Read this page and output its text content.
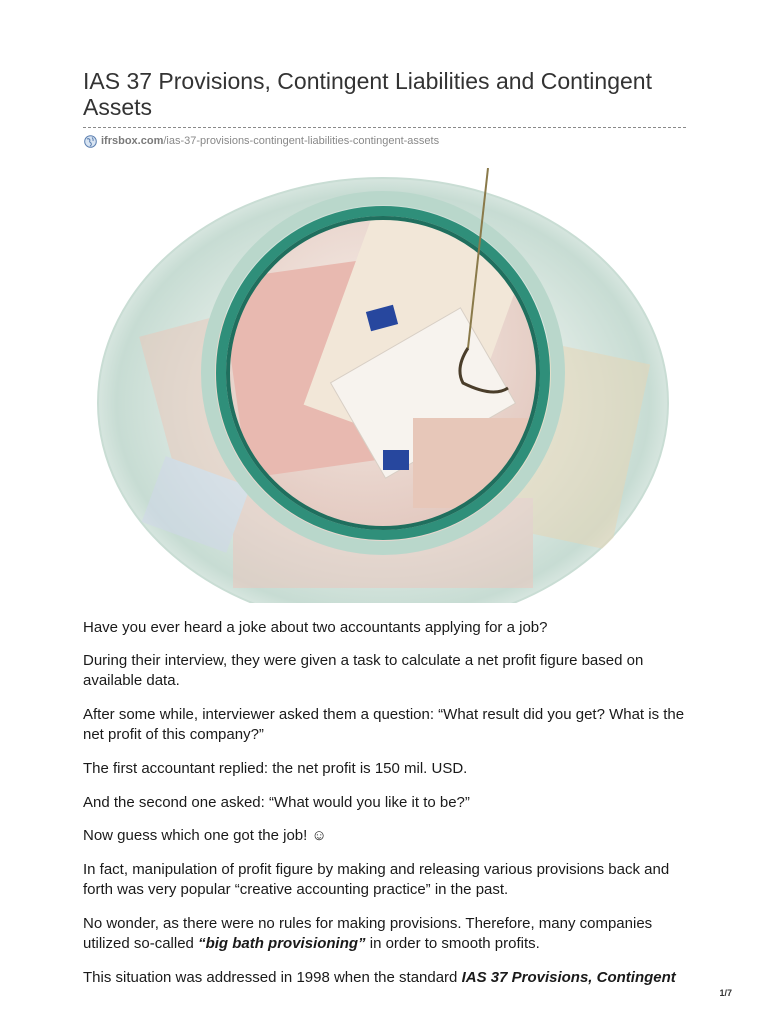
IAS 37 Provisions, Contingent Liabilities and Contingent Assets
ifrsbox.com /ias-37-provisions-contingent-liabilities-contingent-assets

Have you ever heard a joke about two accountants applying for a job?

During their interview, they were given a task to calculate a net profit figure based on available data.

After some while, interviewer asked them a question: “What result did you get? What is the net profit of this company?”

The first accountant replied: the net profit is 150 mil. USD.

And the second one asked: “What would you like it to be?”

Now guess which one got the job! ☺

In fact, manipulation of profit figure by making and releasing various provisions back and forth was very popular “creative accounting practice” in the past.

No wonder, as there were no rules for making provisions. Therefore, many companies utilized so-called “big bath provisioning” in order to smooth profits.

This situation was addressed in 1998 when the standard IAS 37 Provisions, Contingent

1/7
